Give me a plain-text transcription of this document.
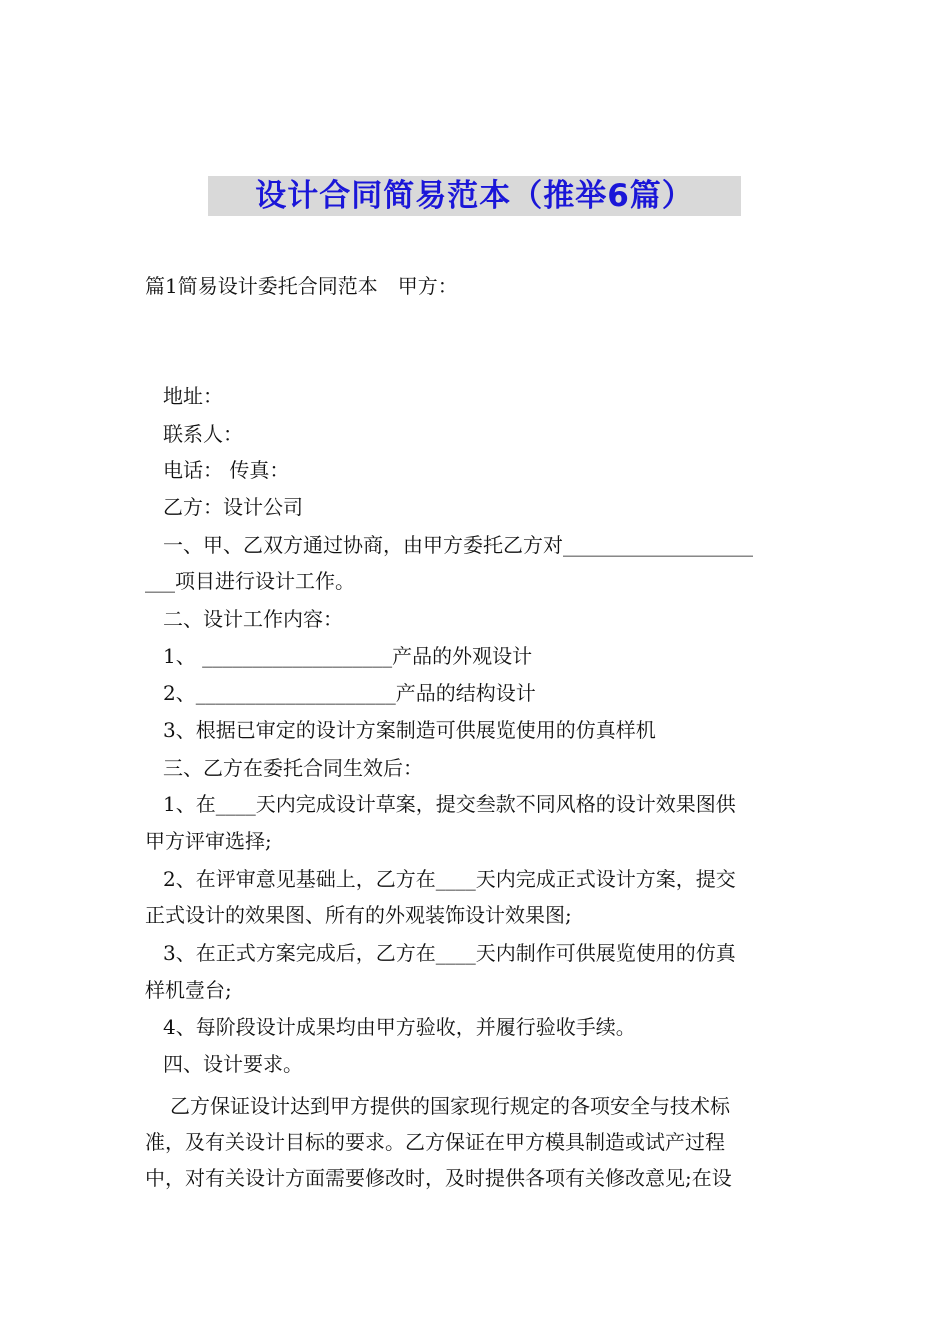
设计合同简易范本（推举6篇）
篇1简易设计委托合同范本　甲方：
地址：
联系人：
电话： 传真：
乙方：设计公司
一、甲、乙双方通过协商，由甲方委托乙方对___________________
___项目进行设计工作。
二、设计工作内容：
1、 ___________________产品的外观设计
2、____________________产品的结构设计
3、根据已审定的设计方案制造可供展览使用的仿真样机
三、乙方在委托合同生效后：
1、在____天内完成设计草案，提交叁款不同风格的设计效果图供
甲方评审选择;
2、在评审意见基础上，乙方在____天内完成正式设计方案，提交
正式设计的效果图、所有的外观装饰设计效果图;
3、在正式方案完成后，乙方在____天内制作可供展览使用的仿真
样机壹台;
4、每阶段设计成果均由甲方验收，并履行验收手续。
四、设计要求。
乙方保证设计达到甲方提供的国家现行规定的各项安全与技术标
准，及有关设计目标的要求。乙方保证在甲方模具制造或试产过程
中，对有关设计方面需要修改时，及时提供各项有关修改意见;在设
